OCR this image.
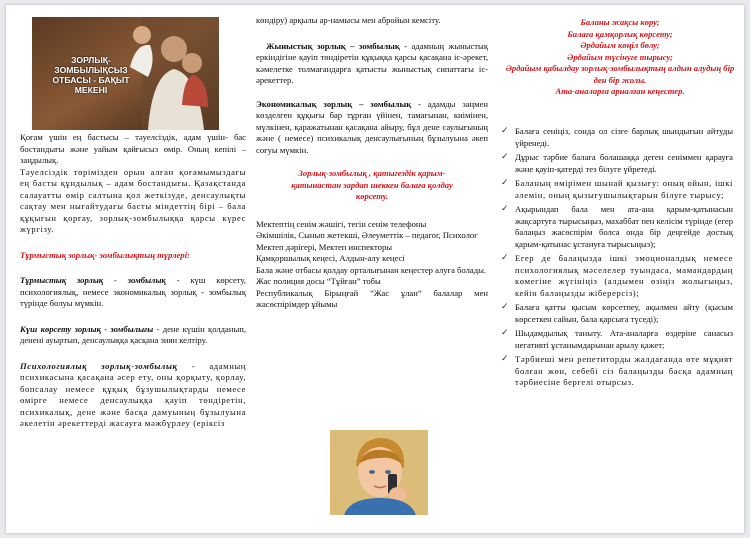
ЗОРЛЫҚ-ЗОМБЫЛЫҚСЫЗ ОТБАСЫ - БАҚЫТ МЕКЕНІ

Қоғам үшін ең бастысы – тәуелсіздік, адам үшін- бас бостандығы және уайым қайғысыз өмір. Оның кепілі – заңдылық.

Тәуелсіздік төрімізден орын алған қоғамымыздағы ең басты құндылық – адам бостандығы. Қазақстанда салауатты өмір салтына қол жеткізуде, денсаулықты сақтау мен нығайтудағы басты міндеттің бірі – бала құқығын қорғау, зорлық-зомбылыққа қарсы күрес жүргізу.

Тұрмыстық зорлық- зомбылықтың түрлері:

Тұрмыстық зорлық - зомбылық - күш көрсету, психологиялық, немесе экономикалық зорлық - зомбылық түрінде болуы мүмкін.

Күш көрсету зорлық - зомбылығы - дене күшін қолданып, денені ауыртып, денсаулыққа қасқана зиян келтіру.

Психологиялық зорлық-зомбылық - адамның психикасына қасақана әсер ету, оны қорқыту, қорлау, бопсалау немесе құқық бұзушылықтарды немесе өмірге немесе денсаулыққа қауіп төндіретін, психикалық, дене және басқа дамуының бұзылуына әкелетін әрекеттерді жасауға мәжбүрлеу (еріксіз

көндіру) арқылы ар-намысы мен абройын кемсіту.

Жыныстық зорлық – зомбылық - адамның жыныстық еркіндігіне қауіп төндіретін құқыққа қарсы қасақана іс-әрекет, кәмелетке толмағандарға қатысты жыныстық сипаттағы іс-әрекеттер.

Экономикалық зорлық – зомбылық - адамды заңмен көзделген құқығы бар тұрған үйінен, тамағынан, киімінен, мүлкінен, қаражатынан қасақана айыру, бұл дене саулығының және ( немесе) психикалық денсаулығының бұзылуына әкеп соғуы мүмкін.

Зорлық-зомбылық , қатыгездік қарым-қатынастан зардап шеккен балаға қолдау көрсету.

Мектептің сенім жәшігі, тегін сенім телефоны

Әкімшілік, Сынып жетекші, Әлеуметтік – педагог, Психолог

Мектеп дәрігері, Мектеп инспекторы

Қамқоршылық кеңесі, Алдын-алу кеңесі

Бала және отбасы қолдау орталығынан кеңестер алуға болады.

Жас полиция досы “Тұйған” тобы

Республикалық Бірыңғай “Жас ұлан” балалар мен жасөспірімдер ұйымы

Баланы жақсы көру;

Балаға қамқорлық көрсету;

Әрдайым көңіл бөлу;

Әрдайым түсінуге тырысу;

Әрдайым қабылдау зорлық-зомбылықтың алдын алудың бір ден бір жолы.

Ата-аналарға арналған кеңестер.

✓ Балаға сеніңіз, сонда ол сізге барлық шындығын айтуды үйренеді.

✓ Дұрыс тәрбие балаға болашаққа деген сеніммен қарауға және қауіп-қатерді тез білуге үйретеді.

✓ Баланың өмірімен шынай қызығу: оның ойын, ішкі әлемін, оның қызығушылықтарын білуге тырысу;

✓ Ақырындап бала мен ата-ана қарым-қатынасын жақсартуға тырысыңыз, махаббат пен келісім түрінде (егер балаңыз жасөспірім болса онда бір деңгейде достық қарым-қатынас ұстануға тырысыңыз);

✓ Егер де балаңызда ішкі эмоционалдық немесе психологиялық мәселелер туындаса, мамандардың көмегіне жүгініңіз (алдымен өзіңіз жолығыңыз, кейін балаңызды жіберерсіз);

✓ Балаға қатты қысым көрсетпеу, ақылмен айту (қысым көрсеткен сайын, бала қарсыға түседі);

✓ Шыдамдылық таныту. Ата-аналарға өздеріне санасыз негативті ұстанымдарынан арылу қажет;

✓ Тәрбиеші мен репетиторды жалдағанда өте мұқият болған жөн, себебі сіз балаңызды басқа адамның тәрбиесіне бергелі отырсыз.
